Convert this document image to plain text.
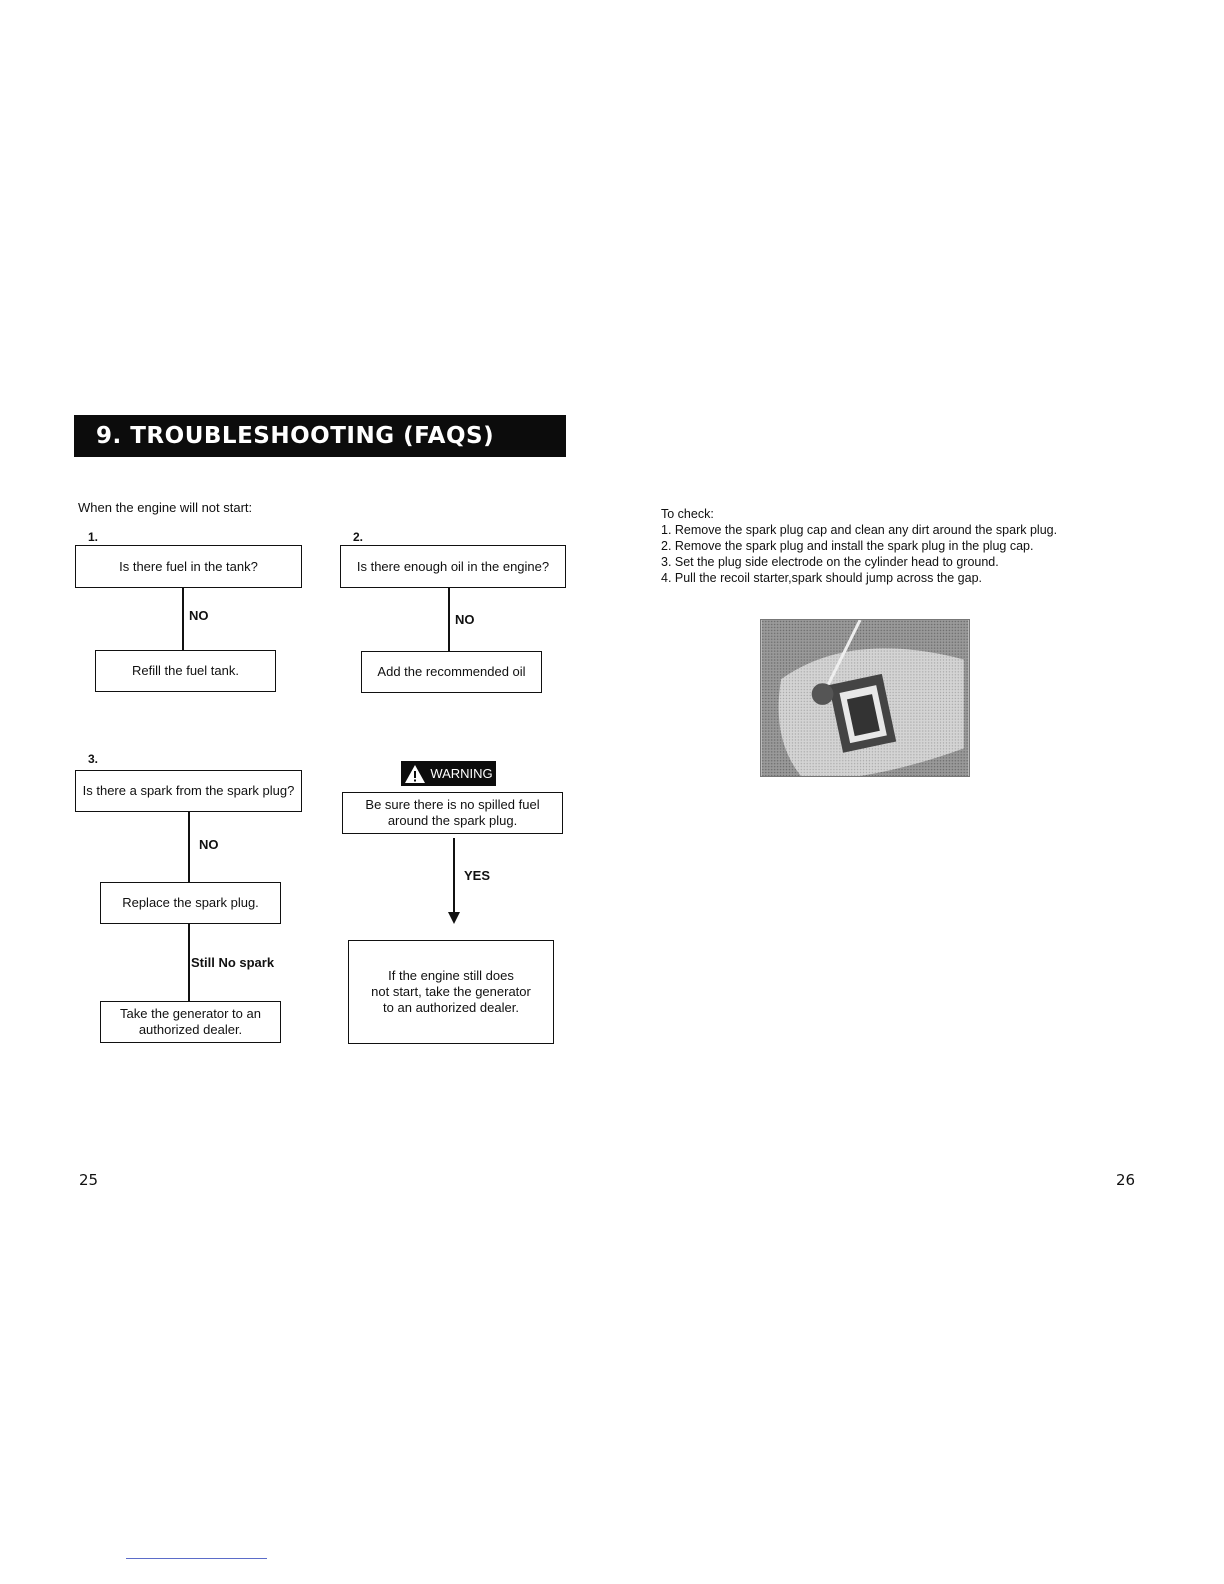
9. TROUBLESHOOTING (FAQS)
When the engine will not start:
1.
Is there fuel in the tank?
NO
Refill the fuel tank.
2.
Is there enough oil in the engine?
NO
Add the recommended oil
3.
Is there a spark from the spark plug?
NO
Replace the spark plug.
Still No spark
Take the generator to an
authorized dealer.
WARNING
Be sure there is no spilled fuel
around the spark plug.
YES
If the engine still does
not start, take the generator
to an authorized dealer.
To check:
1. Remove the spark plug cap and clean any dirt around the spark plug.
2. Remove the spark plug and install the spark plug in the plug cap.
3. Set the plug side electrode on the cylinder head to ground.
4. Pull the recoil starter,spark should jump across the gap.
25	26
